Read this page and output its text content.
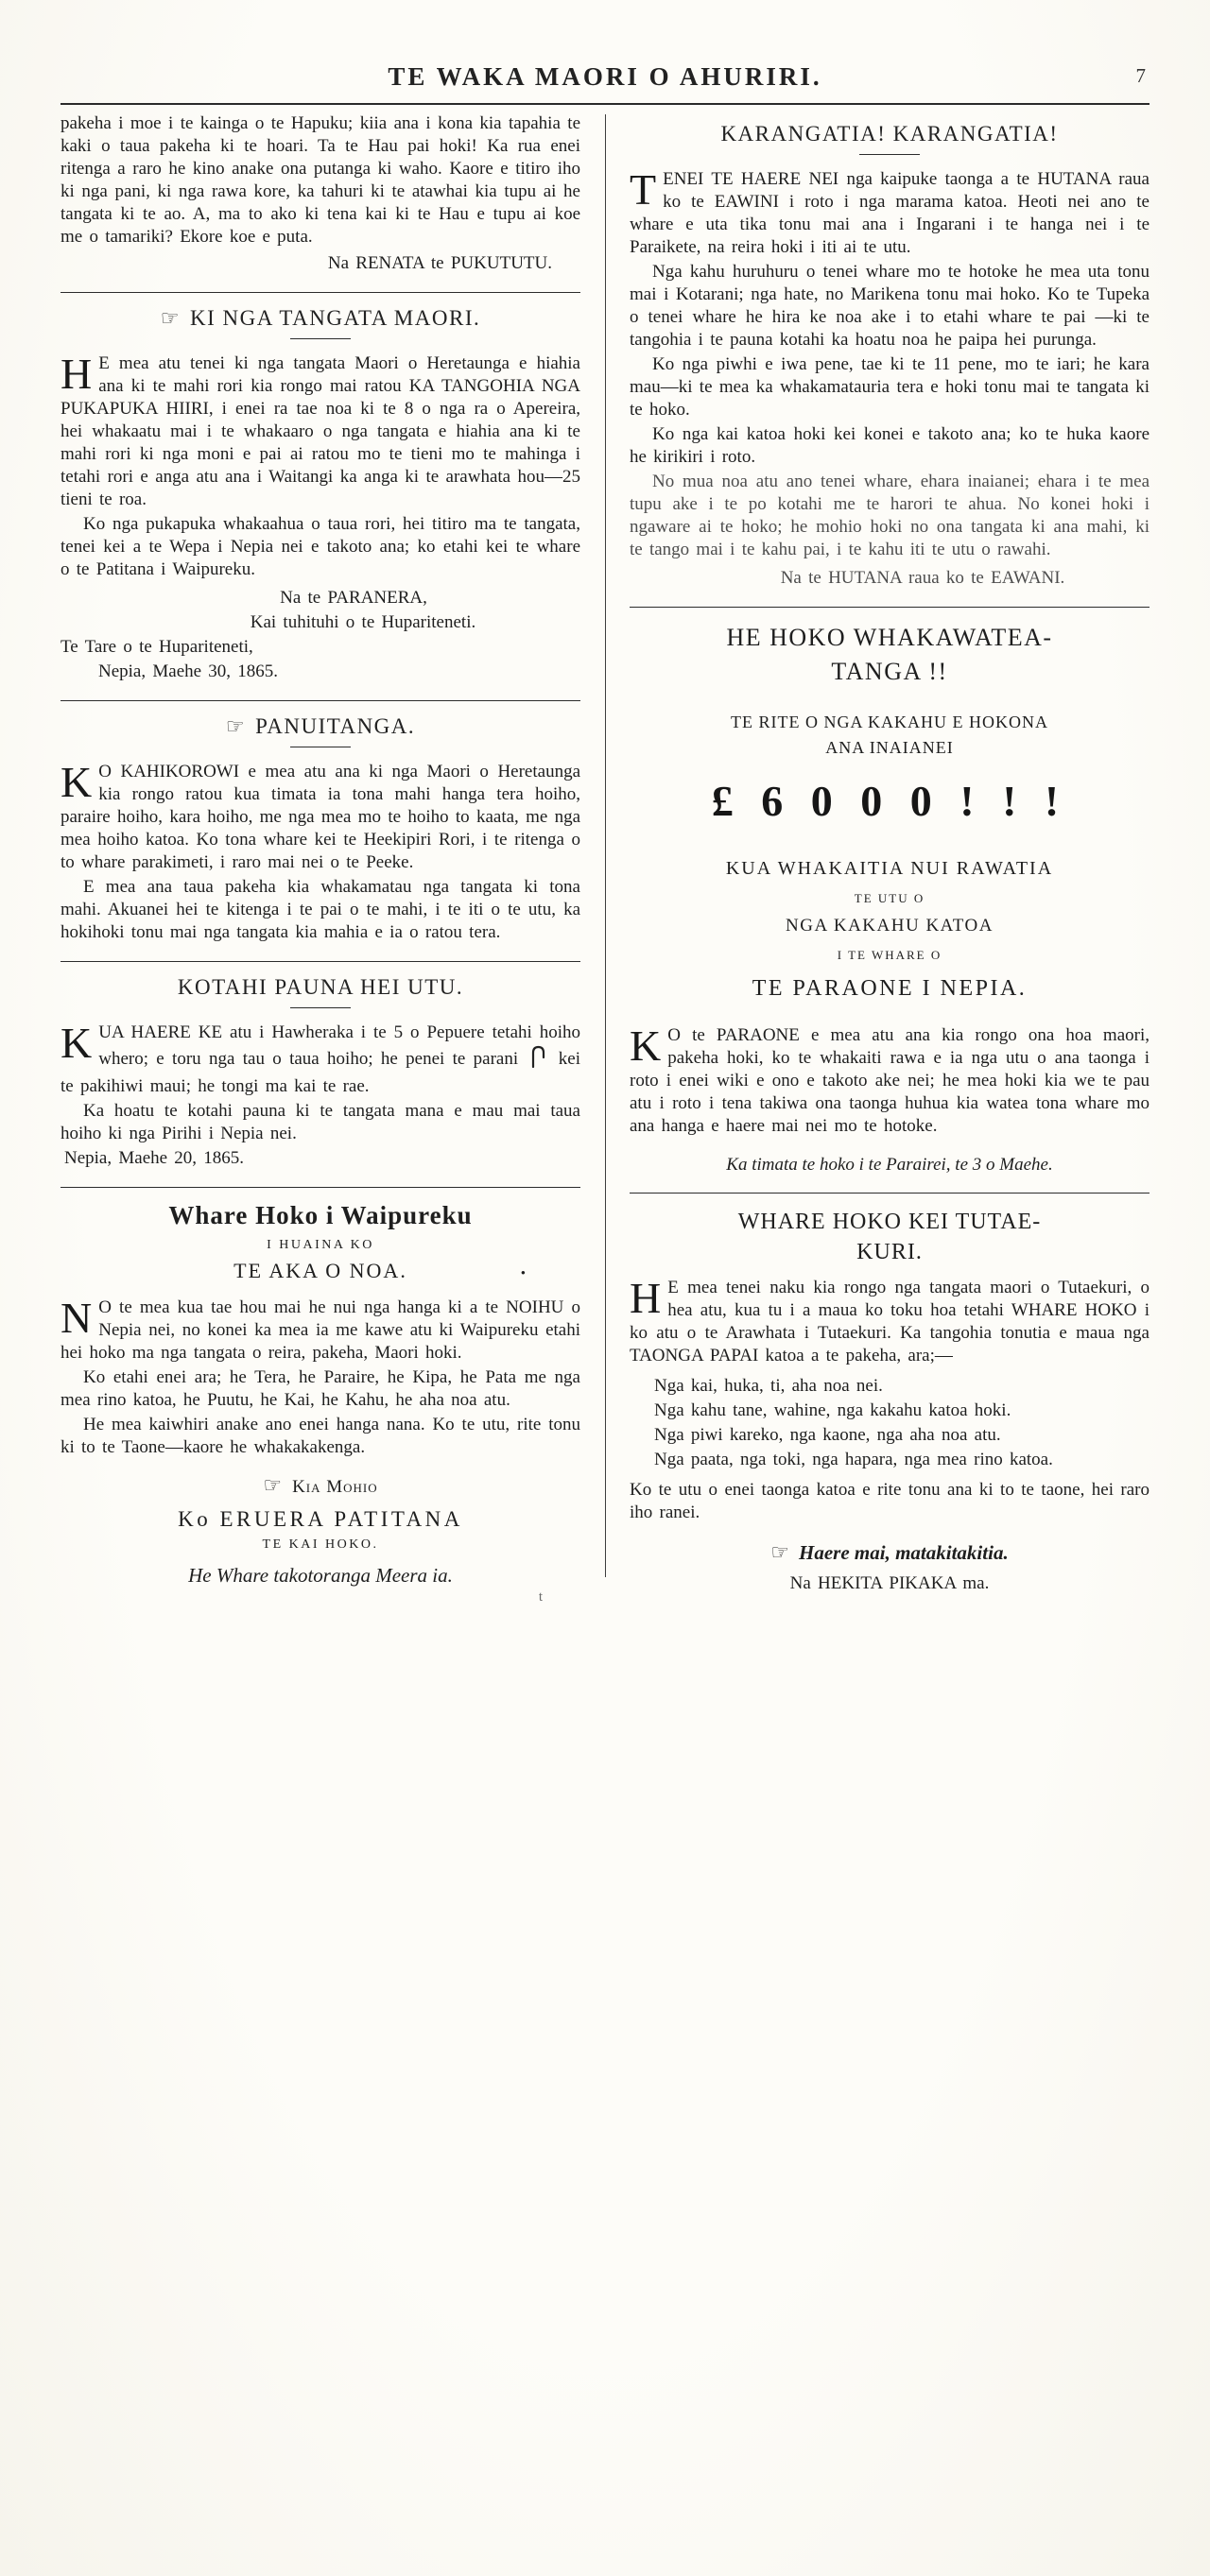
TE WAKA MAORI O AHURIRI.	7

pakeha i moe i te kainga o te Hapuku; kiia ana i kona kia tapahia te kaki o taua pakeha ki te hoari. Ta te Hau pai hoki! Ka rua enei ritenga a raro he kino anake ona putanga ki waho. Kaore e titiro iho ki nga pani, ki nga rawa kore, ka tahuri ki te atawhai kia tupu ai he tangata ki te ao. A, ma to ako ki tena kai ki te Hau e tupu ai koe me o tamariki? Ekore koe e puta.

Na RENATA te PUKUTUTU.

☞ KI NGA TANGATA MAORI.

H E mea atu tenei ki nga tangata Maori o Heretaunga e hiahia ana ki te mahi rori kia rongo mai ratou KA TANGOHIA NGA PUKAPUKA HIIRI, i enei ra tae noa ki te 8 o nga ra o Apereira, hei whakaatu mai i te whakaaro o nga tangata e hiahia ana ki te mahi rori ki nga moni e pai ai ratou mo te tieni mo te mahinga i tetahi rori e anga atu ana i Waitangi ka anga ki te arawhata hou—25 tieni te roa.

Ko nga pukapuka whakaahua o taua rori, hei titiro ma te tangata, tenei kei a te Wepa i Nepia nei e takoto ana; ko etahi kei te whare o te Patitana i Waipureku.

Na te PARANERA,

Kai tuhituhi o te Hupariteneti.

Te Tare o te Hupariteneti,

Nepia, Maehe 30, 1865.

☞ PANUITANGA.

K O KAHIKOROWI e mea atu ana ki nga Maori o Heretaunga kia rongo ratou kua timata ia tona mahi hanga tera hoiho, paraire hoiho, kara hoiho, me nga mea mo te hoiho to kaata, me nga mea hoiho katoa. Ko tona whare kei te Heekipiri Rori, i te ritenga o to whare parakimeti, i raro mai nei o te Peeke.

E mea ana taua pakeha kia whakamatau nga tangata ki tona mahi. Akuanei hei te kitenga i te pai o te mahi, i te iti o te utu, ka hokihoki tonu mai nga tangata kia mahia e ia o ratou tera.

KOTAHI PAUNA HEI UTU.

KUA HAERE KE atu i Hawheraka i te 5 o Pepuere tetahi hoiho whero; e toru nga tau o taua hoiho; he penei te parani kei te pakihiwi maui; he tongi ma kai te rae.

Ka hoatu te kotahi pauna ki te tangata mana e mau mai taua hoiho ki nga Pirihi i Nepia nei.

Nepia, Maehe 20, 1865.

Whare Hoko i Waipureku

I HUAINA KO

TE AKA O NOA.	•

N O te mea kua tae hou mai he nui nga hanga ki a te NOIHU o Nepia nei, no konei ka mea ia me kawe atu ki Waipureku etahi hei hoko ma nga tangata o reira, pakeha, Maori hoki.

Ko etahi enei ara; he Tera, he Paraire, he Kipa, he Pata me nga mea rino katoa, he Puutu, he Kai, he Kahu, he aha noa atu.

He mea kaiwhiri anake ano enei hanga nana. Ko te utu, rite tonu ki to te Taone—kaore he whakakakenga.

☞ Kia Mohio

Ko ERUERA PATITANA

TE KAI HOKO.

He Whare takotoranga Meera ia.

t
KARANGATIA! KARANGATIA!

TENEI TE HAERE NEI nga kaipuke taonga a te HUTANA raua ko te EAWINI i roto i nga marama katoa. Heoti nei ano te whare e uta tika tonu mai ana i Ingarani i te hanga nei i te Paraikete, na reira hoki i iti ai te utu.

Nga kahu huruhuru o tenei whare mo te hotoke he mea uta tonu mai i Kotarani; nga hate, no Marikena tonu mai hoko. Ko te Tupeka o tenei whare he hira ke noa ake i to etahi whare te pai —ki te tangohia i te pauna kotahi ka hoatu noa he paipa hei purunga.

Ko nga piwhi e iwa pene, tae ki te 11 pene, mo te iari; he kara mau—ki te mea ka whakamatauria tera e hoki tonu mai te tangata ki te hoko.

Ko nga kai katoa hoki kei konei e takoto ana; ko te huka kaore he kirikiri i roto.

No mua noa atu ano tenei whare, ehara inaianei; ehara i te mea tupu ake i te po kotahi me te harori te ahua. No konei hoki i ngaware ai te hoko; he mohio hoki no ona tangata ki ana mahi, ki te tango mai i te kahu pai, i te kahu iti te utu o rawahi.

Na te HUTANA raua ko te EAWANI.

HE HOKO WHAKAWATEA-
TANGA !!

TE RITE O NGA KAKAHU E HOKONA
ANA INAIANEI

£ 6 0 0 0 ! ! !

KUA WHAKAITIA NUI RAWATIA

TE UTU O

NGA KAKAHU KATOA

I TE WHARE O

TE PARAONE I NEPIA.

K O te PARAONE e mea atu ana kia rongo ona hoa maori, pakeha hoki, ko te whakaiti rawa e ia nga utu o ana taonga i roto i enei wiki e ono e takoto ake nei; he mea hoki kia we te pau atu i roto i tena takiwa ona taonga huhua kia watea tona whare mo ana hanga e haere mai nei mo te hotoke.

Ka timata te hoko i te Parairei, te 3 o Maehe.

WHARE HOKO KEI TUTAE-
KURI.

H E mea tenei naku kia rongo nga tangata maori o Tutaekuri, o hea atu, kua tu i a maua ko toku hoa tetahi WHARE HOKO i ko atu o te Arawhata i Tutaekuri. Ka tangohia tonutia e maua nga TAONGA PAPAI katoa a te pakeha, ara;—

Nga kai, huka, ti, aha noa nei.

Nga kahu tane, wahine, nga kakahu katoa hoki.

Nga piwi kareko, nga kaone, nga aha noa atu.

Nga paata, nga toki, nga hapara, nga mea rino katoa.

Ko te utu o enei taonga katoa e rite tonu ana ki to te taone, hei raro iho ranei.

☞ Haere mai, matakitakitia.

Na HEKITA PIKAKA ma.
